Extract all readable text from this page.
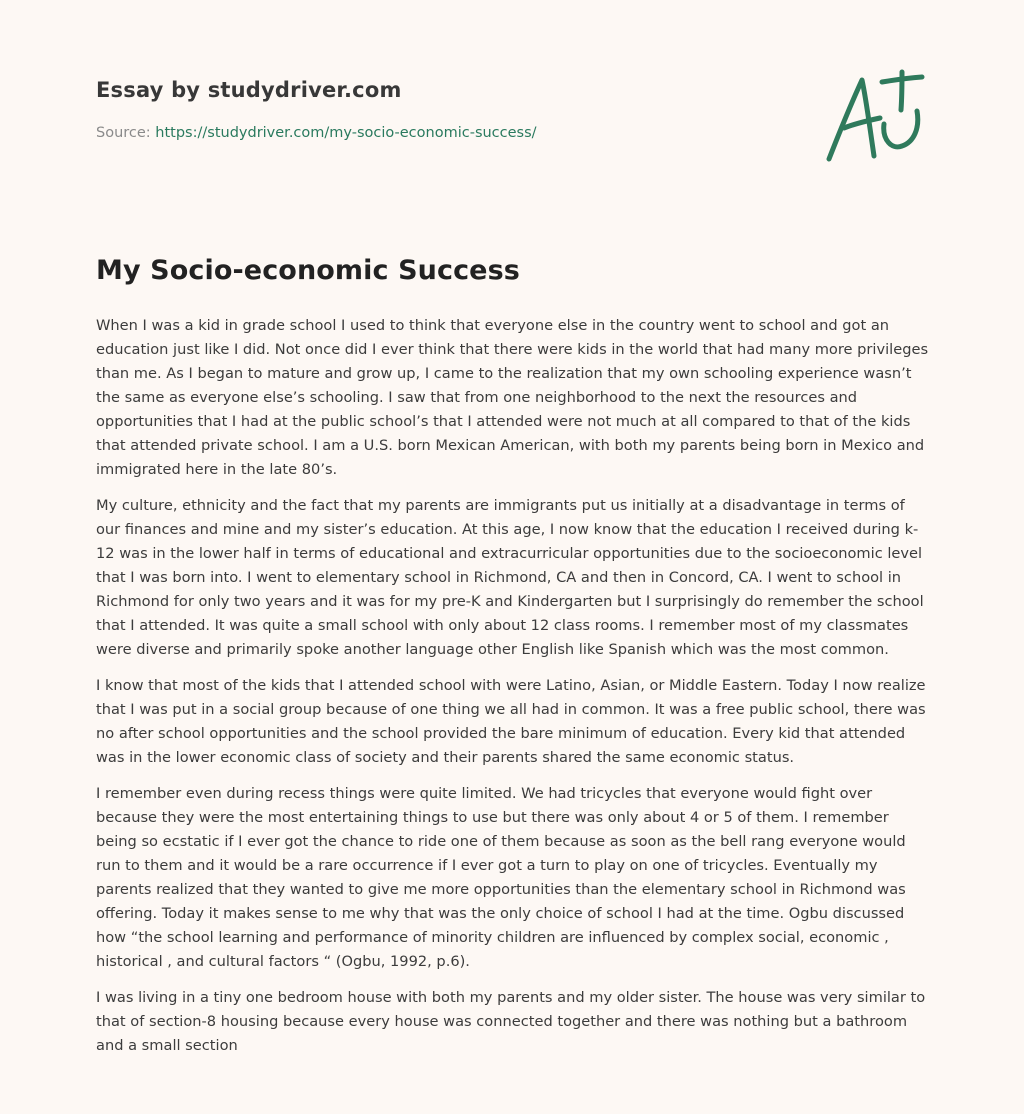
Essay by studydriver.com
Source: https://studydriver.com/my-socio-economic-success/
My Socio-economic Success

When I was a kid in grade school I used to think that everyone else in the country went to school and got an education just like I did. Not once did I ever think that there were kids in the world that had many more privileges than me. As I began to mature and grow up, I came to the realization that my own schooling experience wasn’t the same as everyone else’s schooling. I saw that from one neighborhood to the next the resources and opportunities that I had at the public school’s that I attended were not much at all compared to that of the kids that attended private school. I am a U.S. born Mexican American, with both my parents being born in Mexico and immigrated here in the late 80’s.

My culture, ethnicity and the fact that my parents are immigrants put us initially at a disadvantage in terms of our finances and mine and my sister’s education. At this age, I now know that the education I received during k-12 was in the lower half in terms of educational and extracurricular opportunities due to the socioeconomic level that I was born into. I went to elementary school in Richmond, CA and then in Concord, CA. I went to school in Richmond for only two years and it was for my pre-K and Kindergarten but I surprisingly do remember the school that I attended. It was quite a small school with only about 12 class rooms. I remember most of my classmates were diverse and primarily spoke another language other English like Spanish which was the most common.

I know that most of the kids that I attended school with were Latino, Asian, or Middle Eastern. Today I now realize that I was put in a social group because of one thing we all had in common. It was a free public school, there was no after school opportunities and the school provided the bare minimum of education. Every kid that attended was in the lower economic class of society and their parents shared the same economic status.

I remember even during recess things were quite limited. We had tricycles that everyone would fight over because they were the most entertaining things to use but there was only about 4 or 5 of them. I remember being so ecstatic if I ever got the chance to ride one of them because as soon as the bell rang everyone would run to them and it would be a rare occurrence if I ever got a turn to play on one of tricycles. Eventually my parents realized that they wanted to give me more opportunities than the elementary school in Richmond was offering. Today it makes sense to me why that was the only choice of school I had at the time. Ogbu discussed how “the school learning and performance of minority children are influenced by complex social, economic , historical , and cultural factors “ (Ogbu, 1992, p.6).

I was living in a tiny one bedroom house with both my parents and my older sister. The house was very similar to that of section-8 housing because every house was connected together and there was nothing but a bathroom and a small section
